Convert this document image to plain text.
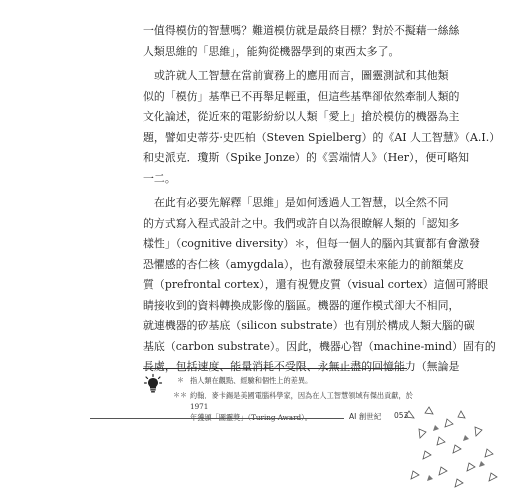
一值得模仿的智慧嗎？難道模仿就是最終目標？對於不擬藉一絲絲
人類思維的「思維」，能夠從機器學到的東西太多了。
或許就人工智慧在當前實務上的應用而言，圖靈測試和其他類
似的「模仿」基準已不再舉足輕重，但這些基準卻依然牽制人類的
文化論述，從近來的電影紛紛以人類「愛上」搶於模仿的機器為主
題，譬如史蒂芬·史匹柏（Steven Spielberg）的《AI 人工智慧》（A.I.）
和史派克．瓊斯（Spike Jonze）的《雲端情人》（Her），便可略知
一二。
在此有必要先解釋「思維」是如何透過人工智慧，以全然不同
的方式寫入程式設計之中。我們或許自以為很瞭解人類的「認知多
樣性」（cognitive diversity）＊，但每一個人的腦內其實都有會激發
恐懼感的杏仁核（amygdala），也有激發展望未來能力的前額葉皮
質（prefrontal cortex），還有視覺皮質（visual cortex）這個可將眼
睛接收到的資料轉換成影像的腦區。機器的運作模式卻大不相同，
就連機器的矽基底（silicon substrate）也有別於構成人類大腦的碳
基底（carbon substrate）。因此，機器心智（machine-mind）固有的
長處，包括速度、能量消耗不受限、永無止盡的回憶能力（無論是
＊ 指人類在觀點、經驗和個性上的差異。
＊＊ 約翰．麥卡錫是美國電腦科學家，因為在人工智慧領域有傑出貢獻，於 1971
年獲頒「圖靈獎」（Turing Award）。	AI 創世紀 053
